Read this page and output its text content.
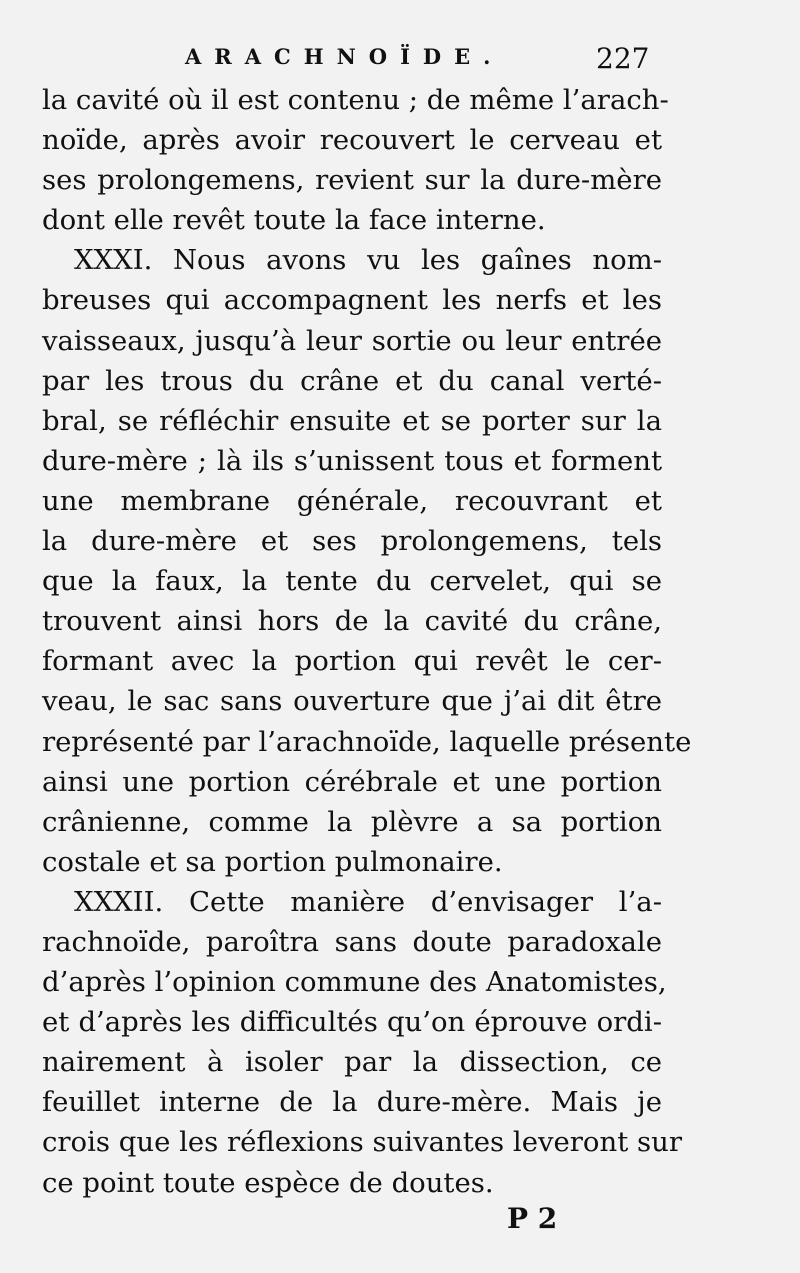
ARACHNOÏDE.	227
la cavité où il est contenu ; de même l’arach-
noïde, après avoir recouvert le cerveau et
ses prolongemens, revient sur la dure-mère
dont elle revêt toute la face interne.
XXXI. Nous avons vu les gaînes nom-
breuses qui accompagnent les nerfs et les
vaisseaux, jusqu’à leur sortie ou leur entrée
par les trous du crâne et du canal verté-
bral, se réfléchir ensuite et se porter sur la
dure-mère ; là ils s’unissent tous et forment
une membrane générale, recouvrant et
la dure-mère et ses prolongemens, tels
que la faux, la tente du cervelet, qui se
trouvent ainsi hors de la cavité du crâne,
formant avec la portion qui revêt le cer-
veau, le sac sans ouverture que j’ai dit être
représenté par l’arachnoïde, laquelle présente
ainsi une portion cérébrale et une portion
crânienne, comme la plèvre a sa portion
costale et sa portion pulmonaire.
XXXII. Cette manière d’envisager l’a-
rachnoïde, paroîtra sans doute paradoxale
d’après l’opinion commune des Anatomistes,
et d’après les difficultés qu’on éprouve ordi-
nairement à isoler par la dissection, ce
feuillet interne de la dure-mère. Mais je
crois que les réflexions suivantes leveront sur
ce point toute espèce de doutes.
P 2
